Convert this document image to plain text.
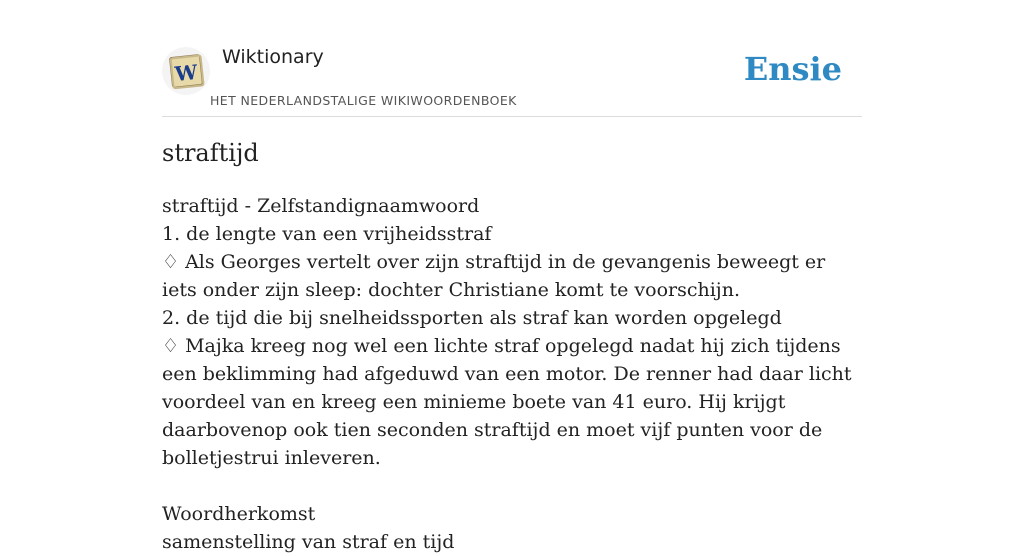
W
Wiktionary
HET NEDERLANDSTALIGE WIKIWOORDENBOEK
Ensie
straftijd

straftijd - Zelfstandignaamwoord

1. de lengte van een vrijheidsstraf

♢ Als Georges vertelt over zijn straftijd in de gevangenis beweegt er iets onder zijn sleep: dochter Christiane komt te voorschijn.

2. de tijd die bij snelheidssporten als straf kan worden opgelegd

♢ Majka kreeg nog wel een lichte straf opgelegd nadat hij zich tijdens een beklimming had afgeduwd van een motor. De renner had daar licht voordeel van en kreeg een minieme boete van 41 euro. Hij krijgt daarbovenop ook tien seconden straftijd en moet vijf punten voor de bolletjestrui inleveren.

Woordherkomst

samenstelling van straf en tijd
